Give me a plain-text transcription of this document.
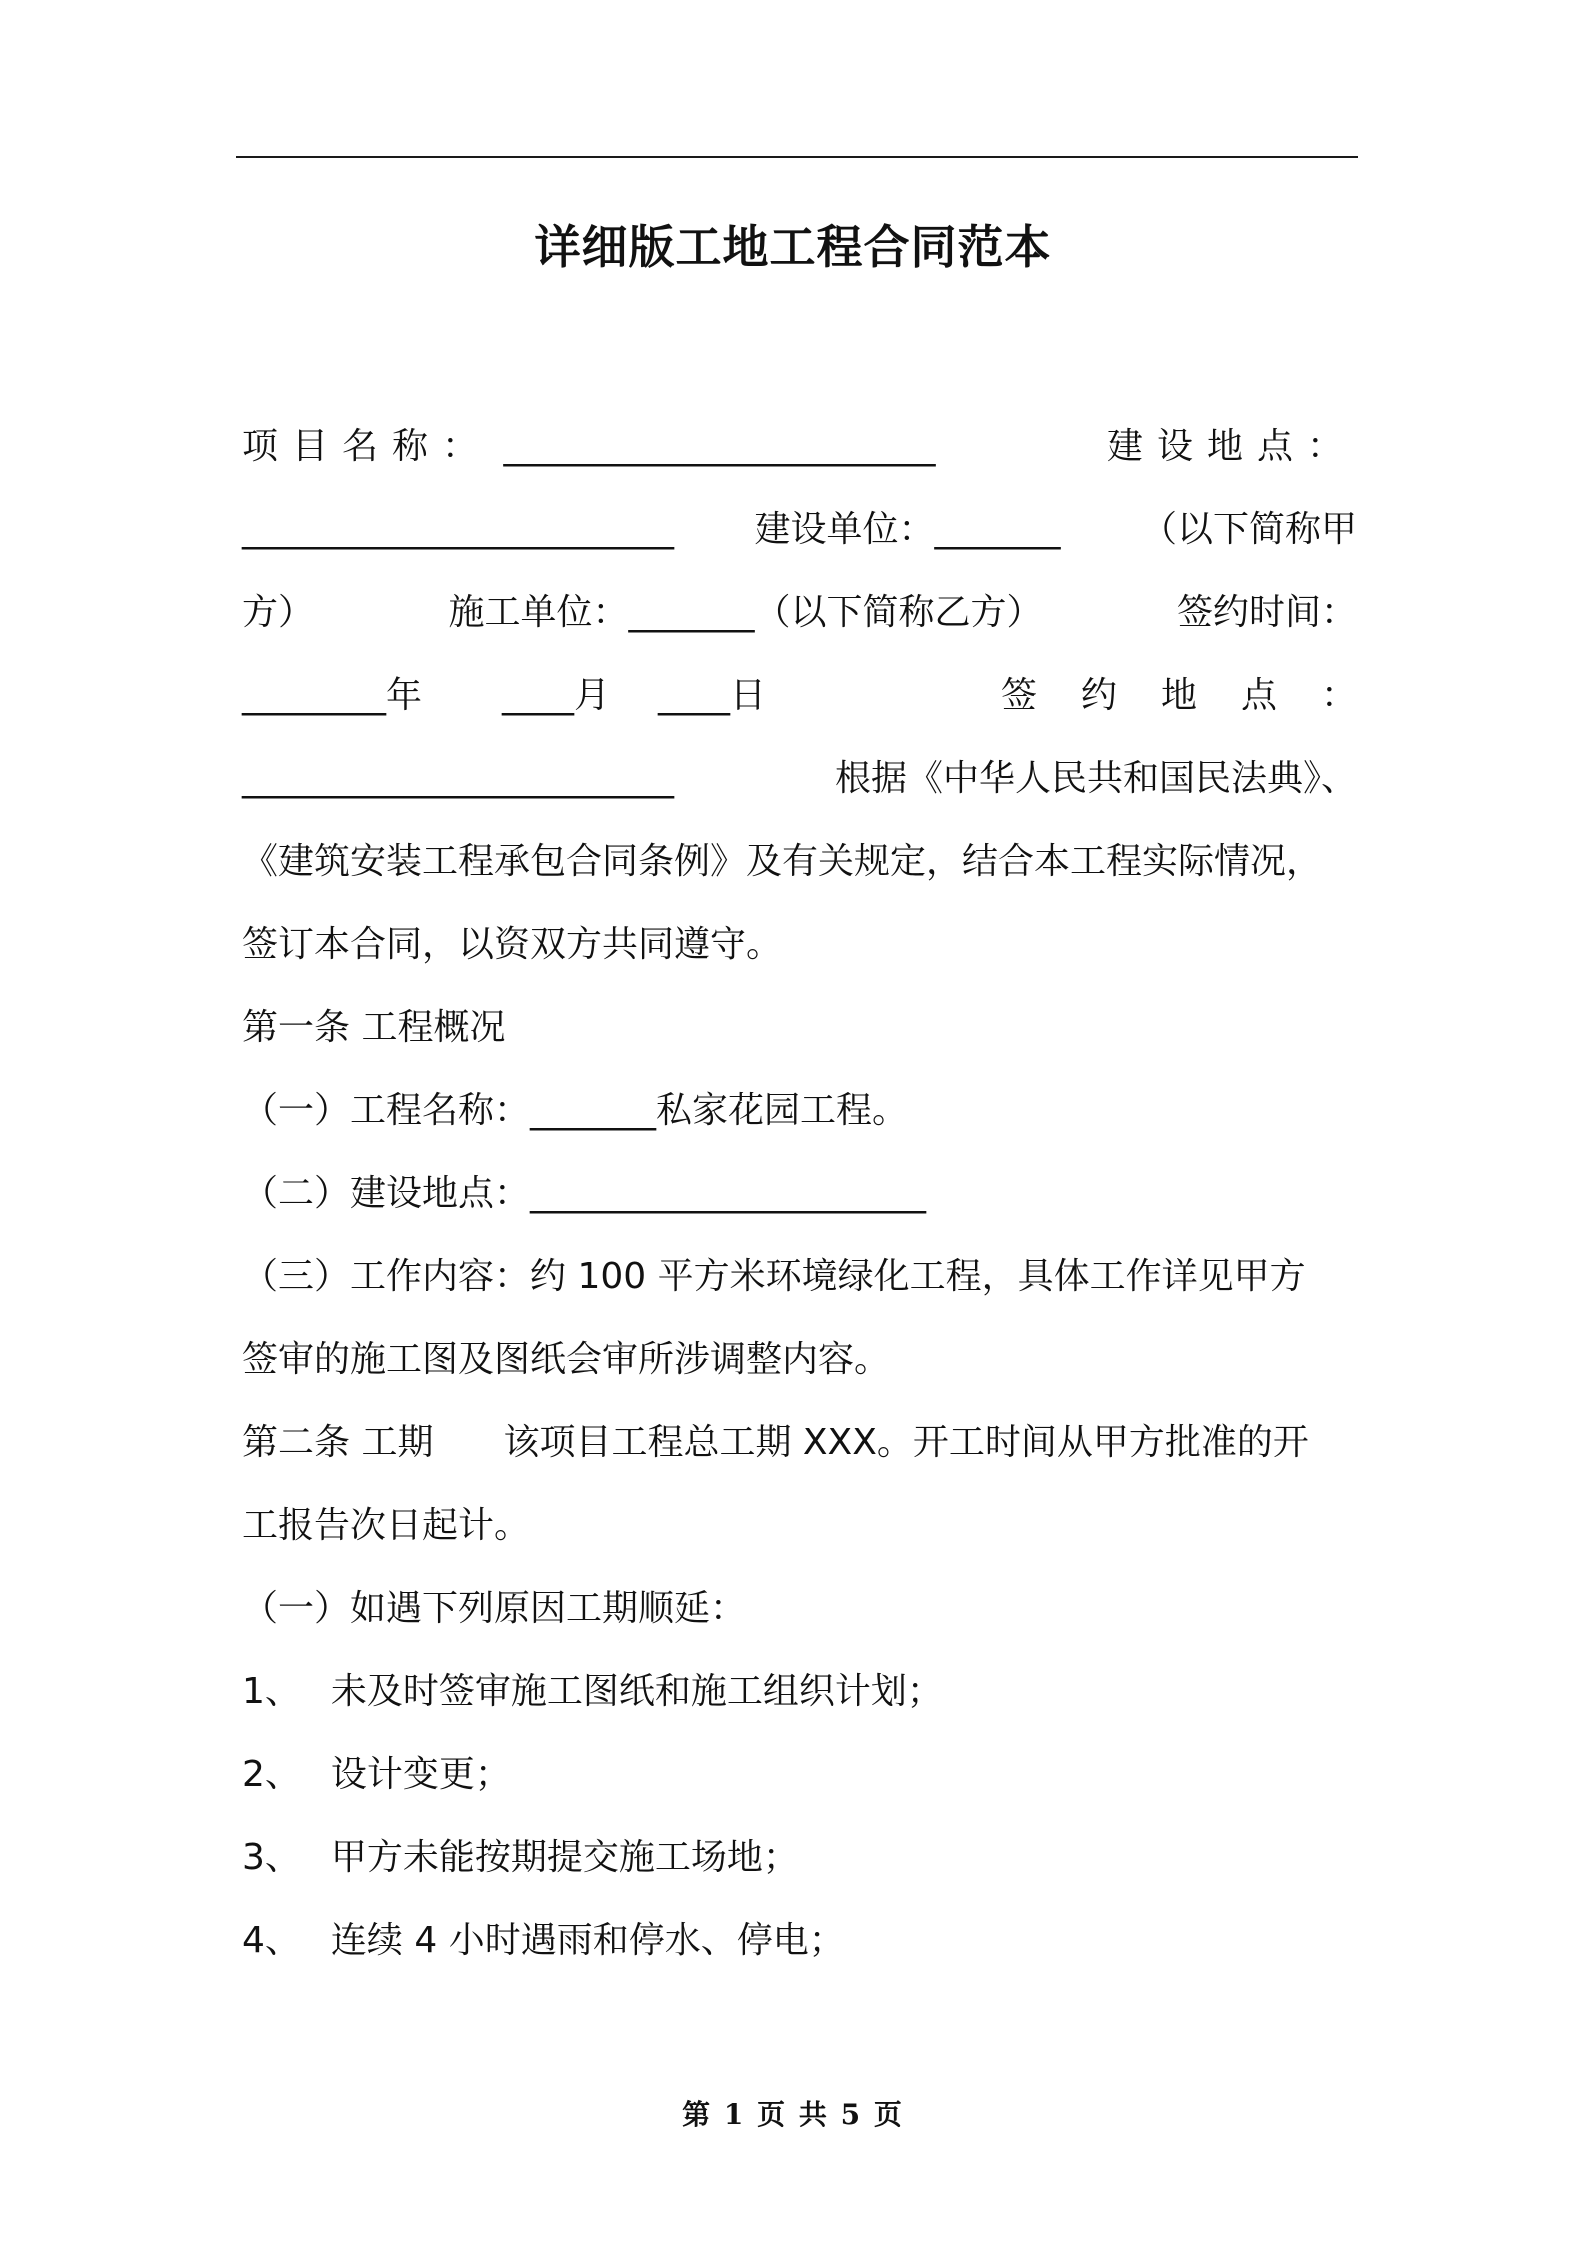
详细版工地工程合同范本
项目名称： ________________________	建设地点：
________________________ 建设单位：_______ （以下简称甲
方）	施工单位：_______（以下简称乙方）	签约时间：
________年 ____月 ____日	签约地点：
________________________	根据《中华人民共和国民法典》、
《建筑安装工程承包合同条例》及有关规定，结合本工程实际情况，
签订本合同，以资双方共同遵守。
第一条 工程概况
（一）工程名称：_______私家花园工程。
（二）建设地点：______________________
（三）工作内容：约 100 平方米环境绿化工程，具体工作详见甲方
签审的施工图及图纸会审所涉调整内容。
第二条 工期 该项目工程总工期 XXX。开工时间从甲方批准的开
工报告次日起计。
（一）如遇下列原因工期顺延：
1、 未及时签审施工图纸和施工组织计划；
2、 设计变更；
3、 甲方未能按期提交施工场地；
4、 连续 4 小时遇雨和停水、停电；
第 1 页 共 5 页
